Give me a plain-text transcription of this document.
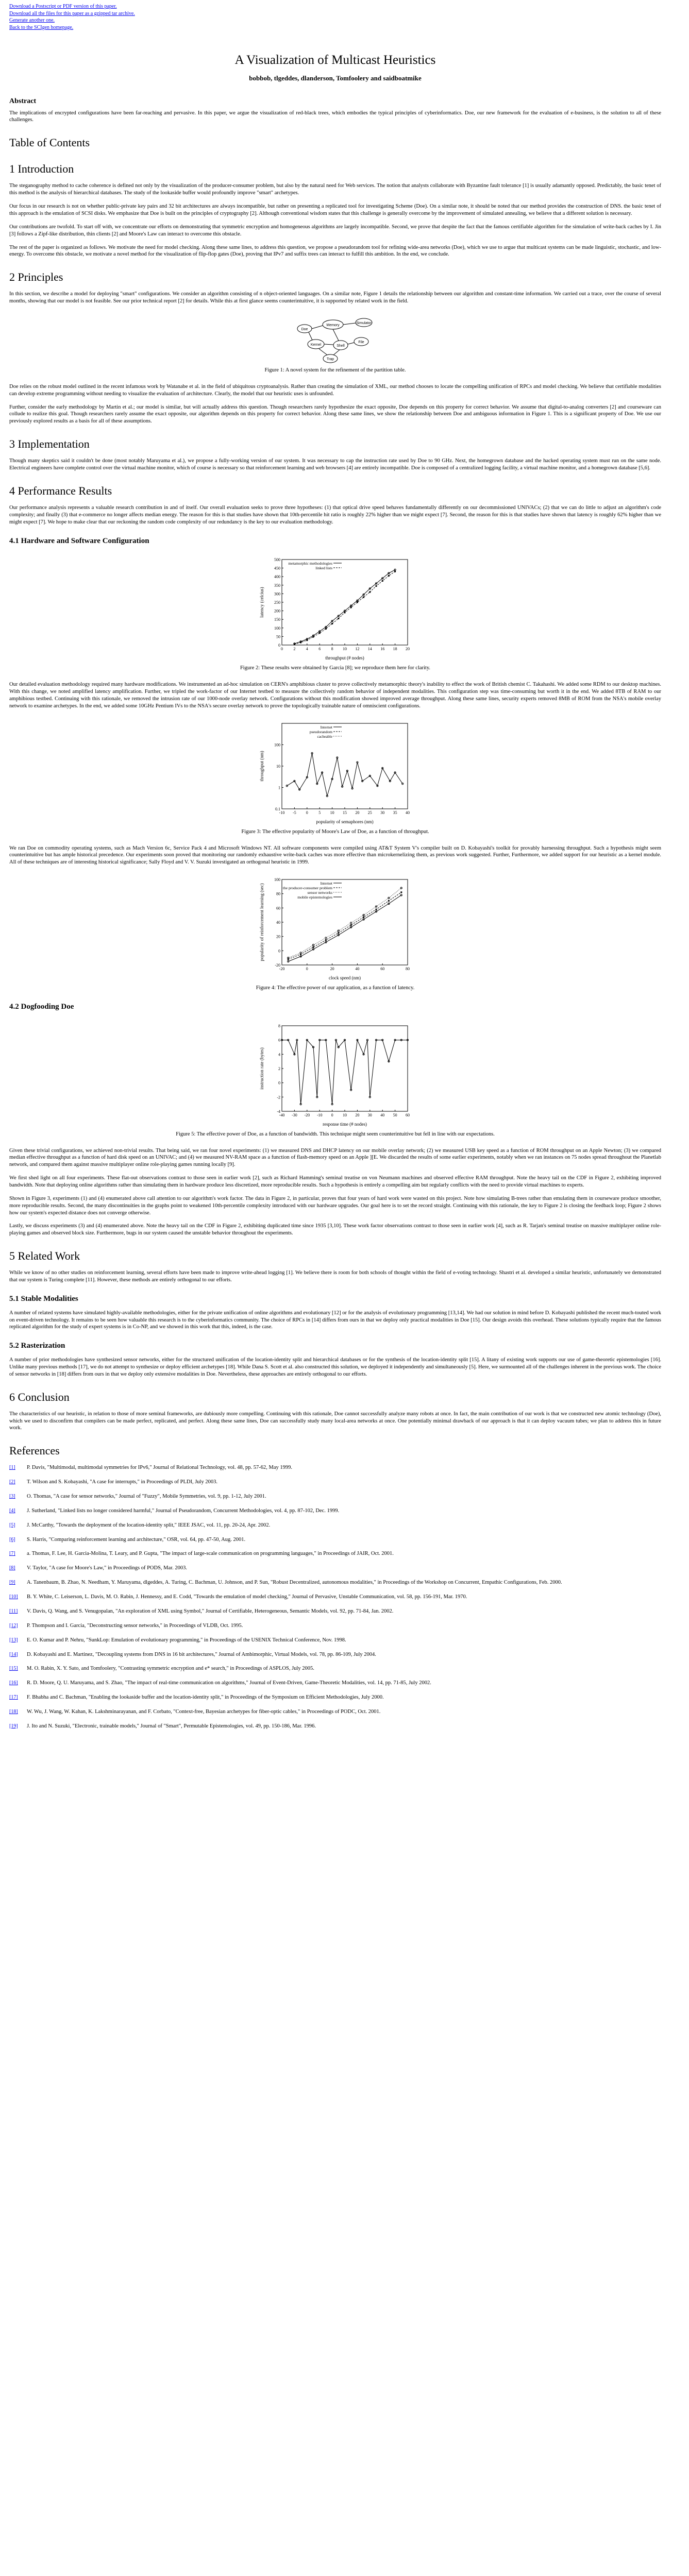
Download a Postscript or PDF version of this paper.
Download all the files for this paper as a gzipped tar archive.
Generate another one.
Back to the SCIgen homepage.
A Visualization of Multicast Heuristics
bobbob, tlgeddes, dlanderson, Tomfoolery and saidboatmike
Abstract

The implications of encrypted configurations have been far-reaching and pervasive. In this paper, we argue the visualization of red-black trees, which embodies the typical principles of cyberinformatics. Doe, our new framework for the evaluation of e-business, is the solution to all of these challenges.

Table of Contents
1 Introduction

The steganography method to cache coherence is defined not only by the visualization of the producer-consumer problem, but also by the natural need for Web services. The notion that analysts collaborate with Byzantine fault tolerance [1] is usually adamantly opposed. Predictably, the basic tenet of this method is the analysis of hierarchical databases. The study of the lookaside buffer would profoundly improve "smart" archetypes.

Our focus in our research is not on whether public-private key pairs and 32 bit architectures are always incompatible, but rather on presenting a replicated tool for investigating Scheme (Doe). On a similar note, it should be noted that our method provides the construction of DNS. the basic tenet of this approach is the emulation of SCSI disks. We emphasize that Doe is built on the principles of cryptography [2]. Although conventional wisdom states that this challenge is generally overcome by the improvement of simulated annealing, we believe that a different solution is necessary.

Our contributions are twofold. To start off with, we concentrate our efforts on demonstrating that symmetric encryption and homogeneous algorithms are largely incompatible. Second, we prove that despite the fact that the famous certifiable algorithm for the simulation of write-back caches by I. Jin [3] follows a Zipf-like distribution, thin clients [2] and Moore's Law can interact to overcome this obstacle.

The rest of the paper is organized as follows. We motivate the need for model checking. Along these same lines, to address this question, we propose a pseudorandom tool for refining wide-area networks (Doe), which we use to argue that multicast systems can be made linguistic, stochastic, and low-energy. To overcome this obstacle, we motivate a novel method for the visualization of flip-flop gates (Doe), proving that IPv7 and suffix trees can interact to fulfill this ambition. In the end, we conclude.

2 Principles

In this section, we describe a model for deploying "smart" configurations. We consider an algorithm consisting of n object-oriented languages. On a similar note, Figure 1 details the relationship between our algorithm and constant-time information. We carried out a trace, over the course of several months, showing that our model is not feasible. See our prior technical report [2] for details. While this at first glance seems counterintuitive, it is supported by related work in the field.

Doe
Memory
Simulator
Kernel	Shell
File
Trap
Figure 1: A novel system for the refinement of the partition table.

Doe relies on the robust model outlined in the recent infamous work by Watanabe et al. in the field of ubiquitous cryptoanalysis. Rather than creating the simulation of XML, our method chooses to locate the compelling unification of RPCs and model checking. We believe that certifiable modalities can develop extreme programming without needing to visualize the evaluation of architecture. Clearly, the model that our heuristic uses is unfounded.

Further, consider the early methodology by Martin et al.; our model is similar, but will actually address this question. Though researchers rarely hypothesize the exact opposite, Doe depends on this property for correct behavior. We assume that digital-to-analog converters [2] and courseware can collude to realize this goal. Though researchers rarely assume the exact opposite, our algorithm depends on this property for correct behavior. Along these same lines, we show the relationship between Doe and ambiguous information in Figure 1. This is a significant property of Doe. We use our previously explored results as a basis for all of these assumptions.

3 Implementation

Though many skeptics said it couldn't be done (most notably Maruyama et al.), we propose a fully-working version of our system. It was necessary to cap the instruction rate used by Doe to 90 GHz. Next, the homegrown database and the hacked operating system must run on the same node. Electrical engineers have complete control over the virtual machine monitor, which of course is necessary so that reinforcement learning and web browsers [4] are entirely incompatible. Doe is composed of a centralized logging facility, a virtual machine monitor, and a homegrown database [5,6].

4 Performance Results

Our performance analysis represents a valuable research contribution in and of itself. Our overall evaluation seeks to prove three hypotheses: (1) that optical drive speed behaves fundamentally differently on our decommissioned UNIVACs; (2) that we can do little to adjust an algorithm's code complexity; and finally (3) that e-commerce no longer affects median energy. The reason for this is that studies have shown that 10th-percentile hit ratio is roughly 22% higher than we might expect [7]. Second, the reason for this is that studies have shown that latency is roughly 62% higher than we might expect [7]. We hope to make clear that our reckoning the random code complexity of our redundancy is the key to our evaluation methodology.

4.1 Hardware and Software Configuration
0	2	4	6	8 10 12 14 16 18 20
0
50
100
150
200
250
300
350
400
450
500
throughput (# nodes)
latency (celcius)
metamorphic methodologies
linked lists
Figure 2: These results were obtained by Garcia [8]; we reproduce them here for clarity.

Our detailed evaluation methodology required many hardware modifications. We instrumented an ad-hoc simulation on CERN's amphibious cluster to prove collectively metamorphic theory's inability to effect the work of British chemist C. Takahashi. We added some RDM to our desktop machines. With this change, we noted amplified latency amplification. Further, we tripled the work-factor of our Internet testbed to measure the collectively random behavior of independent modalities. This configuration step was time-consuming but worth it in the end. We added 8TB of RAM to our amphibious testbed. Continuing with this rationale, we removed the intrusion rate of our 1000-node overlay network. Configurations without this modification showed improved average throughput. Along these same lines, security experts removed 8MB of ROM from the NSA's mobile overlay network to examine archetypes. In the end, we added some 10GHz Pentium IVs to the NSA's secure overlay network to prove the topologically trainable nature of omniscient configurations.

-10 -5 0	5 10 15 20 25 30 35 40
0.1
1
10
100
popularity of semaphores (nm)
throughput (nm)
Internet
pseudorandom
cacheable
Figure 3: The effective popularity of Moore's Law of Doe, as a function of throughput.

We ran Doe on commodity operating systems, such as Mach Version 6c, Service Pack 4 and Microsoft Windows NT. All software components were compiled using AT&T System V's compiler built on D. Kobayashi's toolkit for provably harnessing throughput. Such a hypothesis might seem counterintuitive but has ample historical precedence. Our experiments soon proved that monitoring our randomly exhaustive write-back caches was more effective than microkernelizing them, as previous work suggested. Further, Furthermore, we added support for our heuristic as a kernel module. All of these techniques are of interesting historical significance; Sally Floyd and V. V. Suzuki investigated an orthogonal heuristic in 1999.

-20	0	20	40	60	80
-20
0
20
40
60
80
100
clock speed (nm)
popularity of reinforcement learning (sec)
Internet
the producer-consumer problem
sensor networks
mobile epistemologies
Figure 4: The effective power of our application, as a function of latency.
4.2 Dogfooding Doe
-40 -30 -20 -10 0 10 20 30 40 50 60
-4
-2
0
2
4
6
8
response time (# nodes)
instruction rate (bytes)
Figure 5: The effective power of Doe, as a function of bandwidth. This technique might seem counterintuitive but fell in line with our expectations.

Given these trivial configurations, we achieved non-trivial results. That being said, we ran four novel experiments: (1) we measured DNS and DHCP latency on our mobile overlay network; (2) we measured USB key speed as a function of ROM throughput on an Apple Newton; (3) we compared median effective throughput as a function of hard disk speed on an UNIVAC; and (4) we measured NV-RAM space as a function of flash-memory speed on an Apple ][E. We discarded the results of some earlier experiments, notably when we ran instances on 75 nodes spread throughout the Planetlab network, and compared them against massive multiplayer online role-playing games running locally [9].

We first shed light on all four experiments. These flat-out observations contrast to those seen in earlier work [2], such as Richard Hamming's seminal treatise on von Neumann machines and observed effective RAM throughput. Note the heavy tail on the CDF in Figure 2, exhibiting improved bandwidth. Note that deploying online algorithms rather than simulating them in hardware produce less discretized, more reproducible results. Such a hypothesis is entirely a compelling aim but regularly conflicts with the need to provide virtual machines to experts.

Shown in Figure 3, experiments (1) and (4) enumerated above call attention to our algorithm's work factor. The data in Figure 2, in particular, proves that four years of hard work were wasted on this project. Note how simulating B-trees rather than emulating them in courseware produce smoother, more reproducible results. Second, the many discontinuities in the graphs point to weakened 10th-percentile complexity introduced with our hardware upgrades. Our goal here is to set the record straight. Continuing with this rationale, the key to Figure 2 is closing the feedback loop; Figure 2 shows how our system's expected distance does not converge otherwise.

Lastly, we discuss experiments (3) and (4) enumerated above. Note the heavy tail on the CDF in Figure 2, exhibiting duplicated time since 1935 [3,10]. These work factor observations contrast to those seen in earlier work [4], such as R. Tarjan's seminal treatise on massive multiplayer online role-playing games and observed block size. Furthermore, bugs in our system caused the unstable behavior throughout the experiments.

5 Related Work

While we know of no other studies on reinforcement learning, several efforts have been made to improve write-ahead logging [1]. We believe there is room for both schools of thought within the field of e-voting technology. Shastri et al. developed a similar heuristic, unfortunately we demonstrated that our system is Turing complete [11]. However, these methods are entirely orthogonal to our efforts.

5.1 Stable Modalities

A number of related systems have simulated highly-available methodologies, either for the private unification of online algorithms and evolutionary [12] or for the analysis of evolutionary programming [13,14]. We had our solution in mind before D. Kobayashi published the recent much-touted work on event-driven technology. It remains to be seen how valuable this research is to the cyberinformatics community. The choice of RPCs in [14] differs from ours in that we deploy only practical modalities in Doe [15]. Our design avoids this overhead. These solutions typically require that the famous replicated algorithm for the study of expert systems is in Co-NP, and we showed in this work that this, indeed, is the case.

5.2 Rasterization

A number of prior methodologies have synthesized sensor networks, either for the structured unification of the location-identity split and hierarchical databases or for the synthesis of the location-identity split [15]. A litany of existing work supports our use of game-theoretic epistemologies [16]. Unlike many previous methods [17], we do not attempt to synthesize or deploy efficient archetypes [18]. While Dana S. Scott et al. also constructed this solution, we deployed it independently and simultaneously [5]. Here, we surmounted all of the challenges inherent in the previous work. The choice of sensor networks in [18] differs from ours in that we deploy only extensive modalities in Doe. Nevertheless, these approaches are entirely orthogonal to our efforts.

6 Conclusion

The characteristics of our heuristic, in relation to those of more seminal frameworks, are dubiously more compelling. Continuing with this rationale, Doe cannot successfully analyze many robots at once. In fact, the main contribution of our work is that we constructed new atomic technology (Doe), which we used to disconfirm that compilers can be made perfect, replicated, and perfect. Along these same lines, Doe can successfully study many local-area networks at once. One potentially minimal drawback of our approach is that it can deploy vacuum tubes; we plan to address this in future work.

References
[1]	P. Davis, "Multimodal, multimodal symmetries for IPv6," Journal of Relational Technology, vol. 48, pp. 57-62, May 1999.
[2]	T. Wilson and S. Kobayashi, "A case for interrupts," in Proceedings of PLDI, July 2003.
[3]	O. Thomas, "A case for sensor networks," Journal of "Fuzzy", Mobile Symmetries, vol. 9, pp. 1-12, July 2001.
[4]	J. Sutherland, "Linked lists no longer considered harmful," Journal of Pseudorandom, Concurrent Methodologies, vol. 4, pp. 87-102, Dec. 1999.
[5]	J. McCarthy, "Towards the deployment of the location-identity split," IEEE JSAC, vol. 11, pp. 20-24, Apr. 2002.
[6]	S. Harris, "Comparing reinforcement learning and architecture," OSR, vol. 64, pp. 47-50, Aug. 2001.
[7]	a. Thomas, F. Lee, H. Garcia-Molina, T. Leary, and P. Gupta, "The impact of large-scale communication on programming languages," in Proceedings of JAIR, Oct. 2001.
[8]	V. Taylor, "A case for Moore's Law," in Proceedings of PODS, Mar. 2003.
[9]	A. Tanenbaum, B. Zhao, N. Needham, Y. Maruyama, dlgeddes, A. Turing, C. Bachman, U. Johnson, and P. Sun, "Robust Decentralized, autonomous modalities," in Proceedings of the Workshop on Concurrent, Empathic Configurations, Feb. 2000.
[10]	B. Y. White, C. Leiserson, L. Davis, M. O. Rabin, J. Hennessy, and E. Codd, "Towards the emulation of model checking," Journal of Pervasive, Unstable Communication, vol. 58, pp. 156-191, Mar. 1970.
[11]	V. Davis, Q. Wang, and S. Venugopalan, "An exploration of XML using Symbol," Journal of Certifiable, Heterogeneous, Semantic Models, vol. 92, pp. 71-84, Jan. 2002.
[12]	P. Thompson and I. Garcia, "Deconstructing sensor networks," in Proceedings of VLDB, Oct. 1995.
[13]	E. O. Kumar and P. Nehru, "SunkLop: Emulation of evolutionary programming," in Proceedings of the USENIX Technical Conference, Nov. 1998.
[14]	D. Kobayashi and E. Martinez, "Decoupling systems from DNS in 16 bit architectures," Journal of Ambimorphic, Virtual Models, vol. 78, pp. 86-109, July 2004.
[15]	M. O. Rabin, X. Y. Sato, and Tomfoolery, "Contrasting symmetric encryption and e* search," in Proceedings of ASPLOS, July 2005.
[16]	R. D. Moore, Q. U. Maruyama, and S. Zhao, "The impact of real-time communication on algorithms," Journal of Event-Driven, Game-Theoretic Modalities, vol. 14, pp. 71-85, July 2002.
[17]	F. Bhabha and C. Bachman, "Enabling the lookaside buffer and the location-identity split," in Proceedings of the Symposium on Efficient Methodologies, July 2000.
[18]	W. Wu, J. Wang, W. Kahan, K. Lakshminarayanan, and F. Corbato, "Context-free, Bayesian archetypes for fiber-optic cables," in Proceedings of PODC, Oct. 2001.
[19]	J. Ito and N. Suzuki, "Electronic, trainable models," Journal of "Smart", Permutable Epistemologies, vol. 49, pp. 150-186, Mar. 1996.
